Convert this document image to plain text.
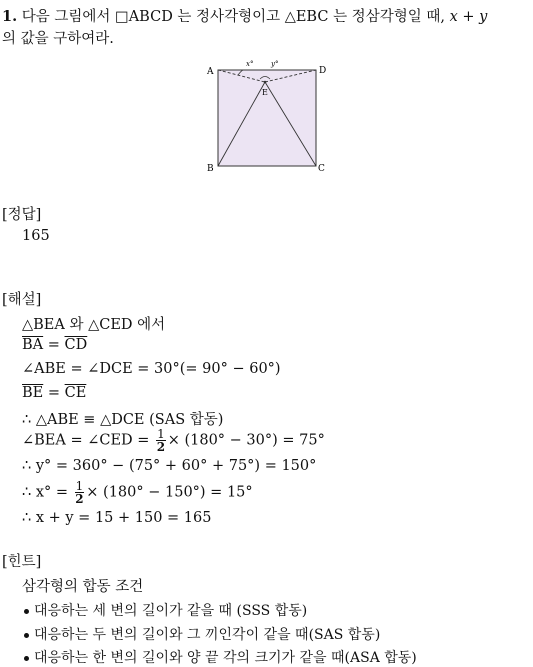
1. 다음 그림에서 □ABCD 는 정사각형이고 △EBC 는 정삼각형일 때, x + y
의 값을 구하여라.
A	D
B	C
E
x°	y°
[정답]
165
[해설]
△BEA 와 △CED 에서
$\overline{BA} = \overline{CD}$
∠ABE = ∠DCE = 30°(= 90° − 60°)
$\overline{BE} = \overline{CE}$
∴ △ABE ≡ △DCE (SAS 합동)
∠BEA = ∠CED = $\frac{1}{2} \times (180^\circ - 30^\circ) = 75^\circ$
∴ y° = 360° − (75° + 60° + 75°) = 150°
∴ $x^\circ = \frac{1}{2} \times (180^\circ - 150^\circ) = 15^\circ$
∴ x + y = 15 + 150 = 165
[힌트]
삼각형의 합동 조건
대응하는 세 변의 길이가 같을 때 (SSS 합동)
대응하는 두 변의 길이와 그 끼인각이 같을 때(SAS 합동)
대응하는 한 변의 길이와 양 끝 각의 크기가 같을 때(ASA 합동)
